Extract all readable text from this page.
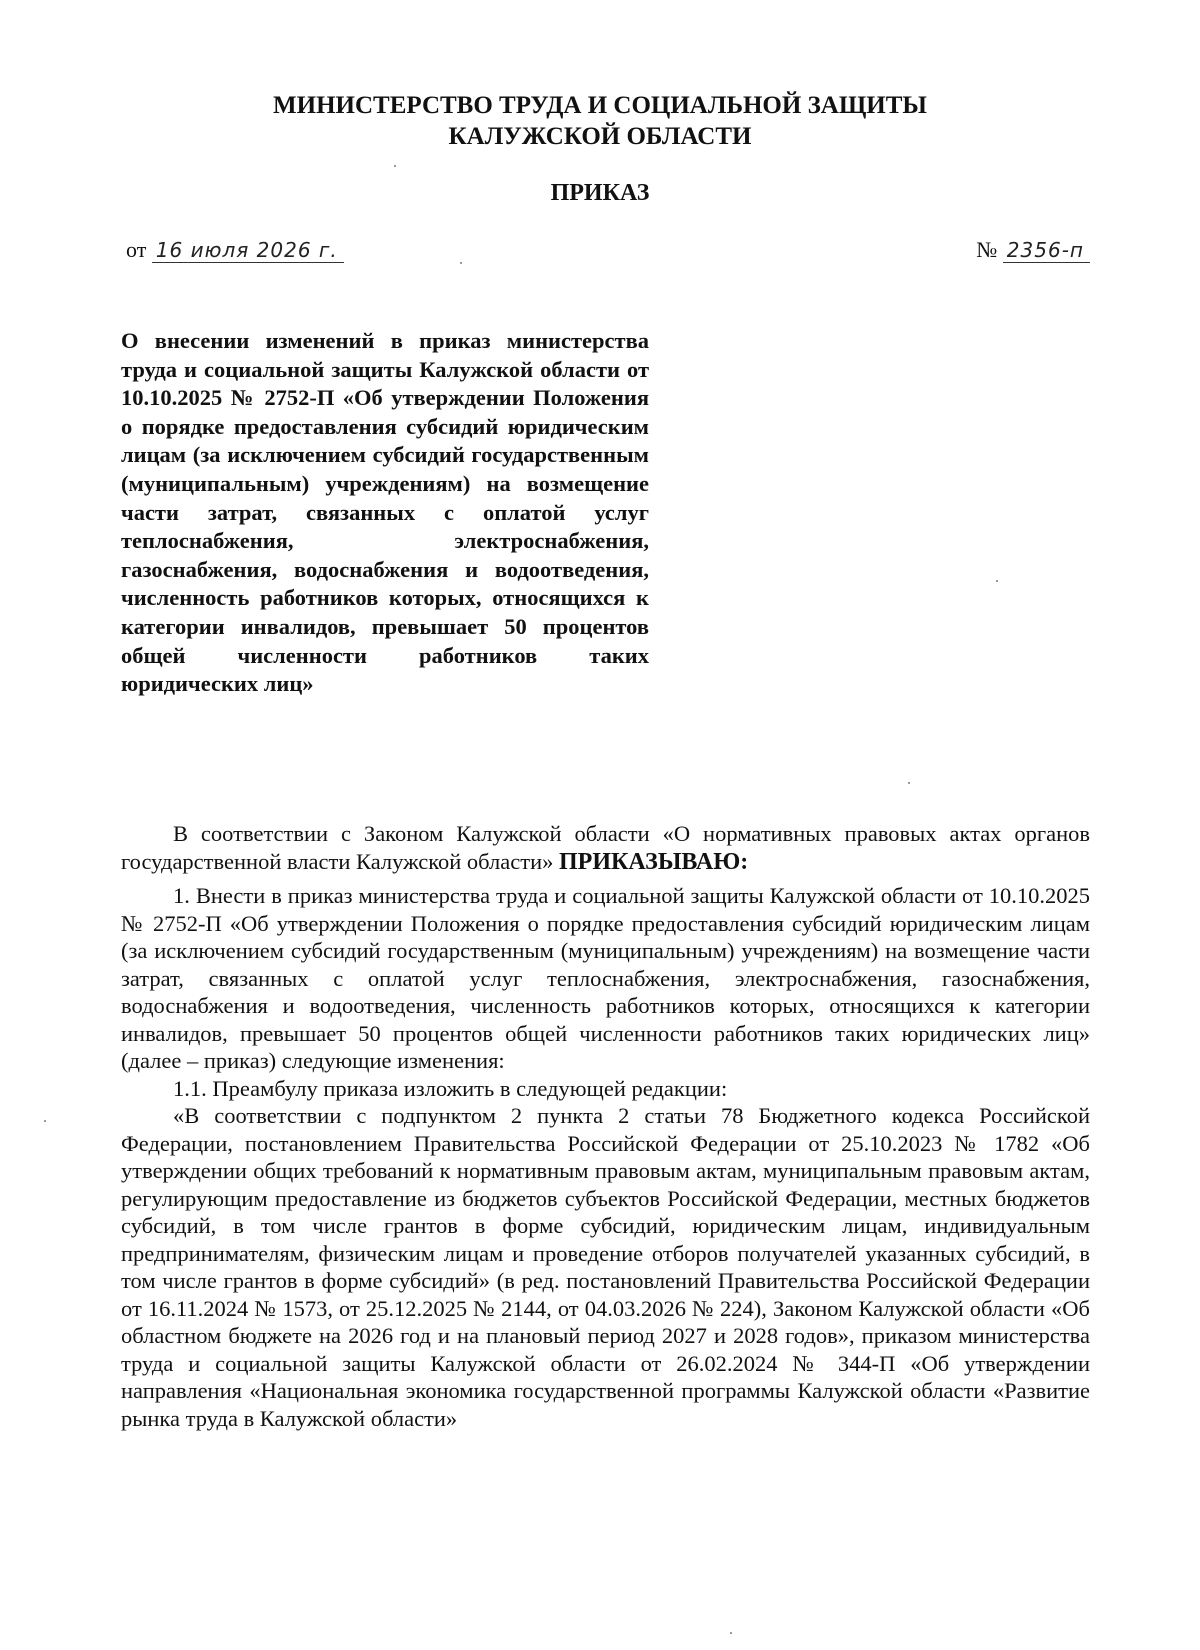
МИНИСТЕРСТВО ТРУДА И СОЦИАЛЬНОЙ ЗАЩИТЫ
КАЛУЖСКОЙ ОБЛАСТИ
ПРИКАЗ
от 16 июля 2026 г.	№ 2356-п
О внесении изменений в приказ министерства труда и социальной защиты Калужской области от 10.10.2025 № 2752-П «Об утверждении Положения о порядке предоставления субсидий юридическим лицам (за исключением субсидий государственным (муниципальным) учреждениям) на возмещение части затрат, связанных с оплатой услуг теплоснабжения, электроснабжения, газоснабжения, водоснабжения и водоотведения, численность работников которых, относящихся к категории инвалидов, превышает 50 процентов общей численности работников таких юридических лиц»

В соответствии с Законом Калужской области «О нормативных правовых актах органов государственной власти Калужской области» ПРИКАЗЫВАЮ:

1. Внести в приказ министерства труда и социальной защиты Калужской области от 10.10.2025 № 2752-П «Об утверждении Положения о порядке предоставления субсидий юридическим лицам (за исключением субсидий государственным (муниципальным) учреждениям) на возмещение части затрат, связанных с оплатой услуг теплоснабжения, электроснабжения, газоснабжения, водоснабжения и водоотведения, численность работников которых, относящихся к категории инвалидов, превышает 50 процентов общей численности работников таких юридических лиц» (далее – приказ) следующие изменения:

1.1. Преамбулу приказа изложить в следующей редакции:

«В соответствии с подпунктом 2 пункта 2 статьи 78 Бюджетного кодекса Российской Федерации, постановлением Правительства Российской Федерации от 25.10.2023 № 1782 «Об утверждении общих требований к нормативным правовым актам, муниципальным правовым актам, регулирующим предоставление из бюджетов субъектов Российской Федерации, местных бюджетов субсидий, в том числе грантов в форме субсидий, юридическим лицам, индивидуальным предпринимателям, физическим лицам и проведение отборов получателей указанных субсидий, в том числе грантов в форме субсидий» (в ред. постановлений Правительства Российской Федерации от 16.11.2024 № 1573, от 25.12.2025 № 2144, от 04.03.2026 № 224), Законом Калужской области «Об областном бюджете на 2026 год и на плановый период 2027 и 2028 годов», приказом министерства труда и социальной защиты Калужской области от 26.02.2024 № 344-П «Об утверждении направления «Национальная экономика государственной программы Калужской области «Развитие рынка труда в Калужской области»
